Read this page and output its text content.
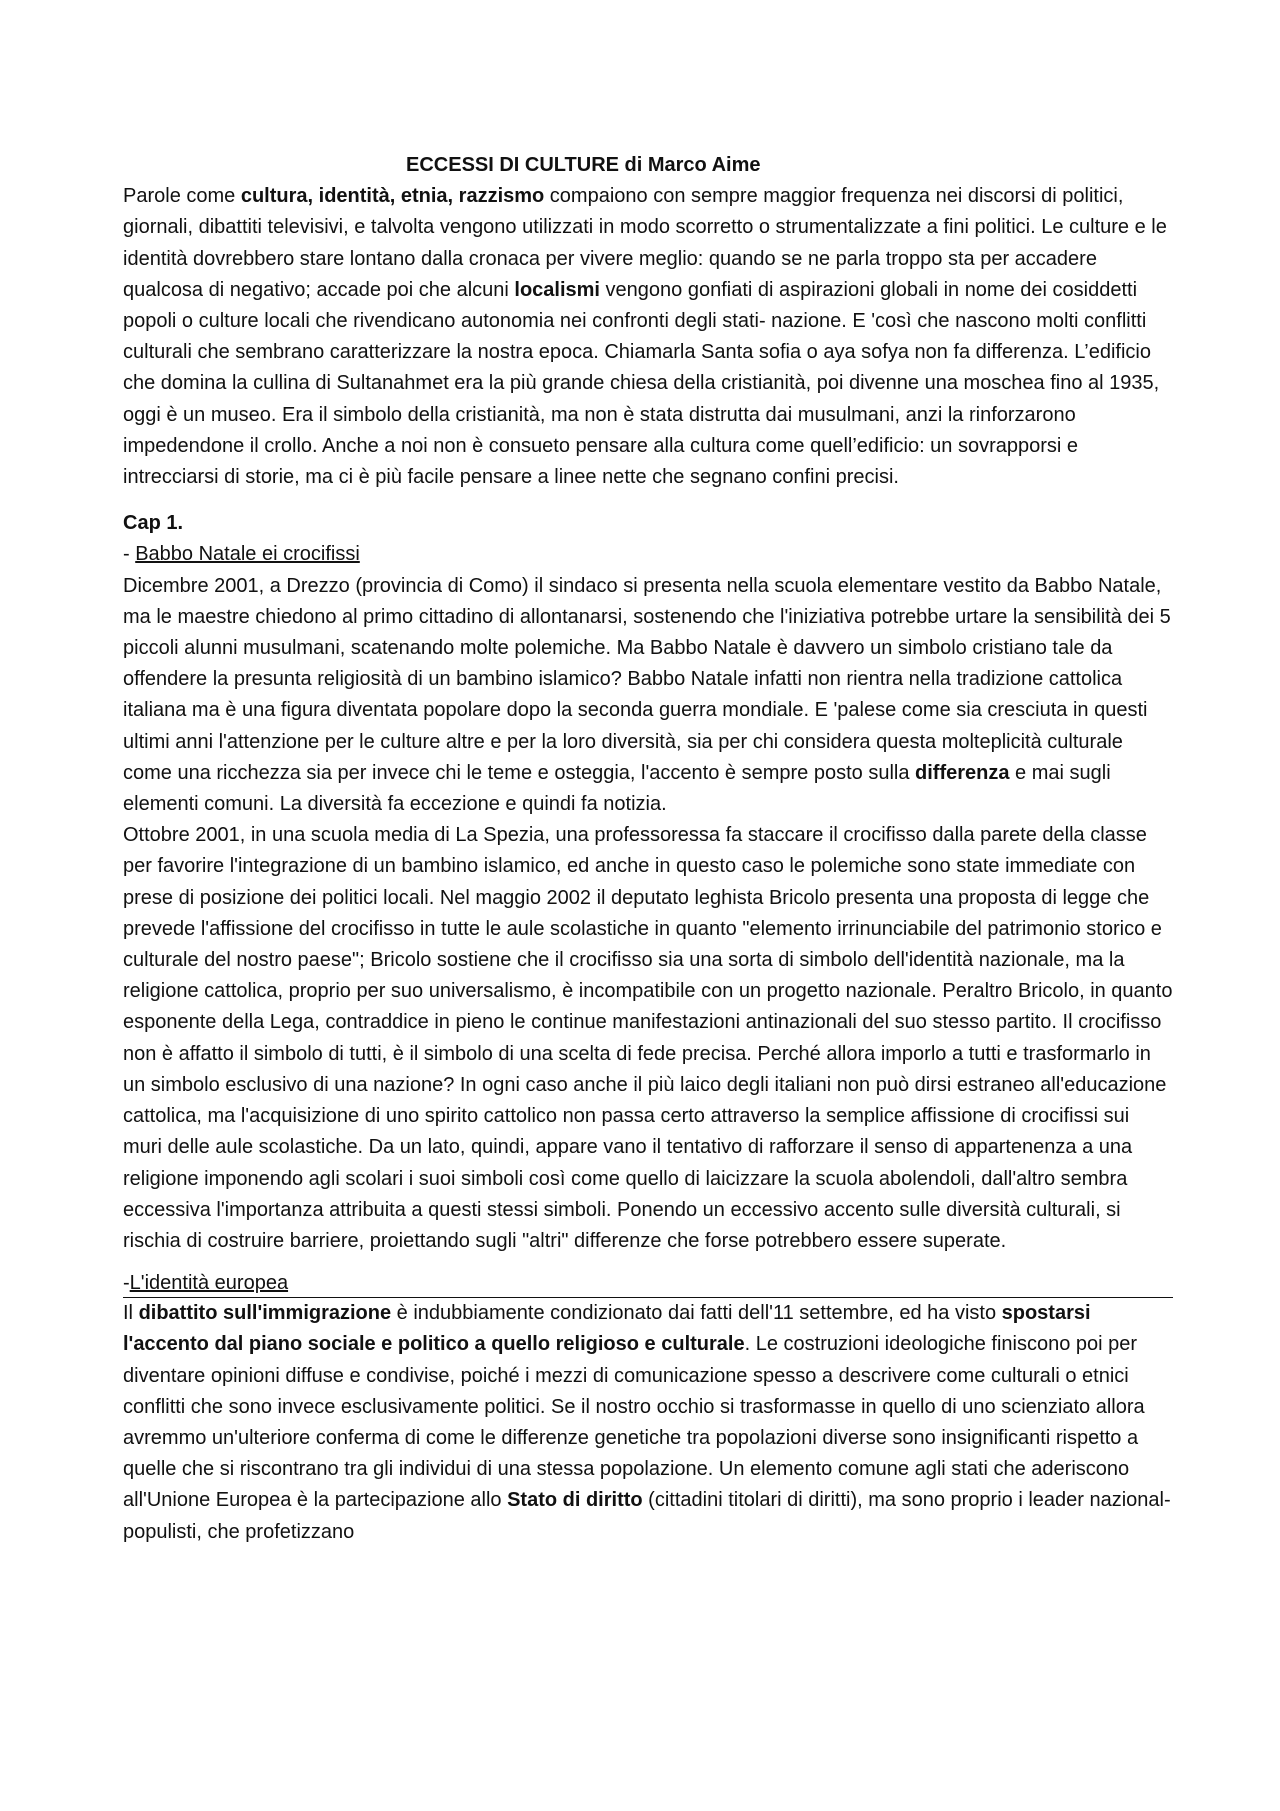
ECCESSI DI CULTURE di Marco Aime

Parole come cultura, identità, etnia, razzismo compaiono con sempre maggior frequenza nei discorsi di politici, giornali, dibattiti televisivi, e talvolta vengono utilizzati in modo scorretto o strumentalizzate a fini politici. Le culture e le identità dovrebbero stare lontano dalla cronaca per vivere meglio: quando se ne parla troppo sta per accadere qualcosa di negativo; accade poi che alcuni localismi vengono gonfiati di aspirazioni globali in nome dei cosiddetti popoli o culture locali che rivendicano autonomia nei confronti degli stati- nazione. E 'così che nascono molti conflitti culturali che sembrano caratterizzare la nostra epoca. Chiamarla Santa sofia o aya sofya non fa differenza. L’edificio che domina la cullina di Sultanahmet era la più grande chiesa della cristianità, poi divenne una moschea fino al 1935, oggi è un museo. Era il simbolo della cristianità, ma non è stata distrutta dai musulmani, anzi la rinforzarono impedendone il crollo. Anche a noi non è consueto pensare alla cultura come quell’edificio: un sovrapporsi e intrecciarsi di storie, ma ci è più facile pensare a linee nette che segnano confini precisi.

Cap 1.

- Babbo Natale ei crocifissi

Dicembre 2001, a Drezzo (provincia di Como) il sindaco si presenta nella scuola elementare vestito da Babbo Natale, ma le maestre chiedono al primo cittadino di allontanarsi, sostenendo che l'iniziativa potrebbe urtare la sensibilità dei 5 piccoli alunni musulmani, scatenando molte polemiche. Ma Babbo Natale è davvero un simbolo cristiano tale da offendere la presunta religiosità di un bambino islamico? Babbo Natale infatti non rientra nella tradizione cattolica italiana ma è una figura diventata popolare dopo la seconda guerra mondiale. E 'palese come sia cresciuta in questi ultimi anni l'attenzione per le culture altre e per la loro diversità, sia per chi considera questa molteplicità culturale come una ricchezza sia per invece chi le teme e osteggia, l'accento è sempre posto sulla differenza e mai sugli elementi comuni. La diversità fa eccezione e quindi fa notizia.

Ottobre 2001, in una scuola media di La Spezia, una professoressa fa staccare il crocifisso dalla parete della classe per favorire l'integrazione di un bambino islamico, ed anche in questo caso le polemiche sono state immediate con prese di posizione dei politici locali. Nel maggio 2002 il deputato leghista Bricolo presenta una proposta di legge che prevede l'affissione del crocifisso in tutte le aule scolastiche in quanto "elemento irrinunciabile del patrimonio storico e culturale del nostro paese"; Bricolo sostiene che il crocifisso sia una sorta di simbolo dell'identità nazionale, ma la religione cattolica, proprio per suo universalismo, è incompatibile con un progetto nazionale. Peraltro Bricolo, in quanto esponente della Lega, contraddice in pieno le continue manifestazioni antinazionali del suo stesso partito. Il crocifisso non è affatto il simbolo di tutti, è il simbolo di una scelta di fede precisa. Perché allora imporlo a tutti e trasformarlo in un simbolo esclusivo di una nazione? In ogni caso anche il più laico degli italiani non può dirsi estraneo all'educazione cattolica, ma l'acquisizione di uno spirito cattolico non passa certo attraverso la semplice affissione di crocifissi sui muri delle aule scolastiche. Da un lato, quindi, appare vano il tentativo di rafforzare il senso di appartenenza a una religione imponendo agli scolari i suoi simboli così come quello di laicizzare la scuola abolendoli, dall'altro sembra eccessiva l'importanza attribuita a questi stessi simboli. Ponendo un eccessivo accento sulle diversità culturali, si rischia di costruire barriere, proiettando sugli "altri" differenze che forse potrebbero essere superate.

-L'identità europea

Il dibattito sull'immigrazione è indubbiamente condizionato dai fatti dell'11 settembre, ed ha visto spostarsi l'accento dal piano sociale e politico a quello religioso e culturale. Le costruzioni ideologiche finiscono poi per diventare opinioni diffuse e condivise, poiché i mezzi di comunicazione spesso a descrivere come culturali o etnici conflitti che sono invece esclusivamente politici. Se il nostro occhio si trasformasse in quello di uno scienziato allora avremmo un'ulteriore conferma di come le differenze genetiche tra popolazioni diverse sono insignificanti rispetto a quelle che si riscontrano tra gli individui di una stessa popolazione. Un elemento comune agli stati che aderiscono all'Unione Europea è la partecipazione allo Stato di diritto (cittadini titolari di diritti), ma sono proprio i leader nazional-populisti, che profetizzano
